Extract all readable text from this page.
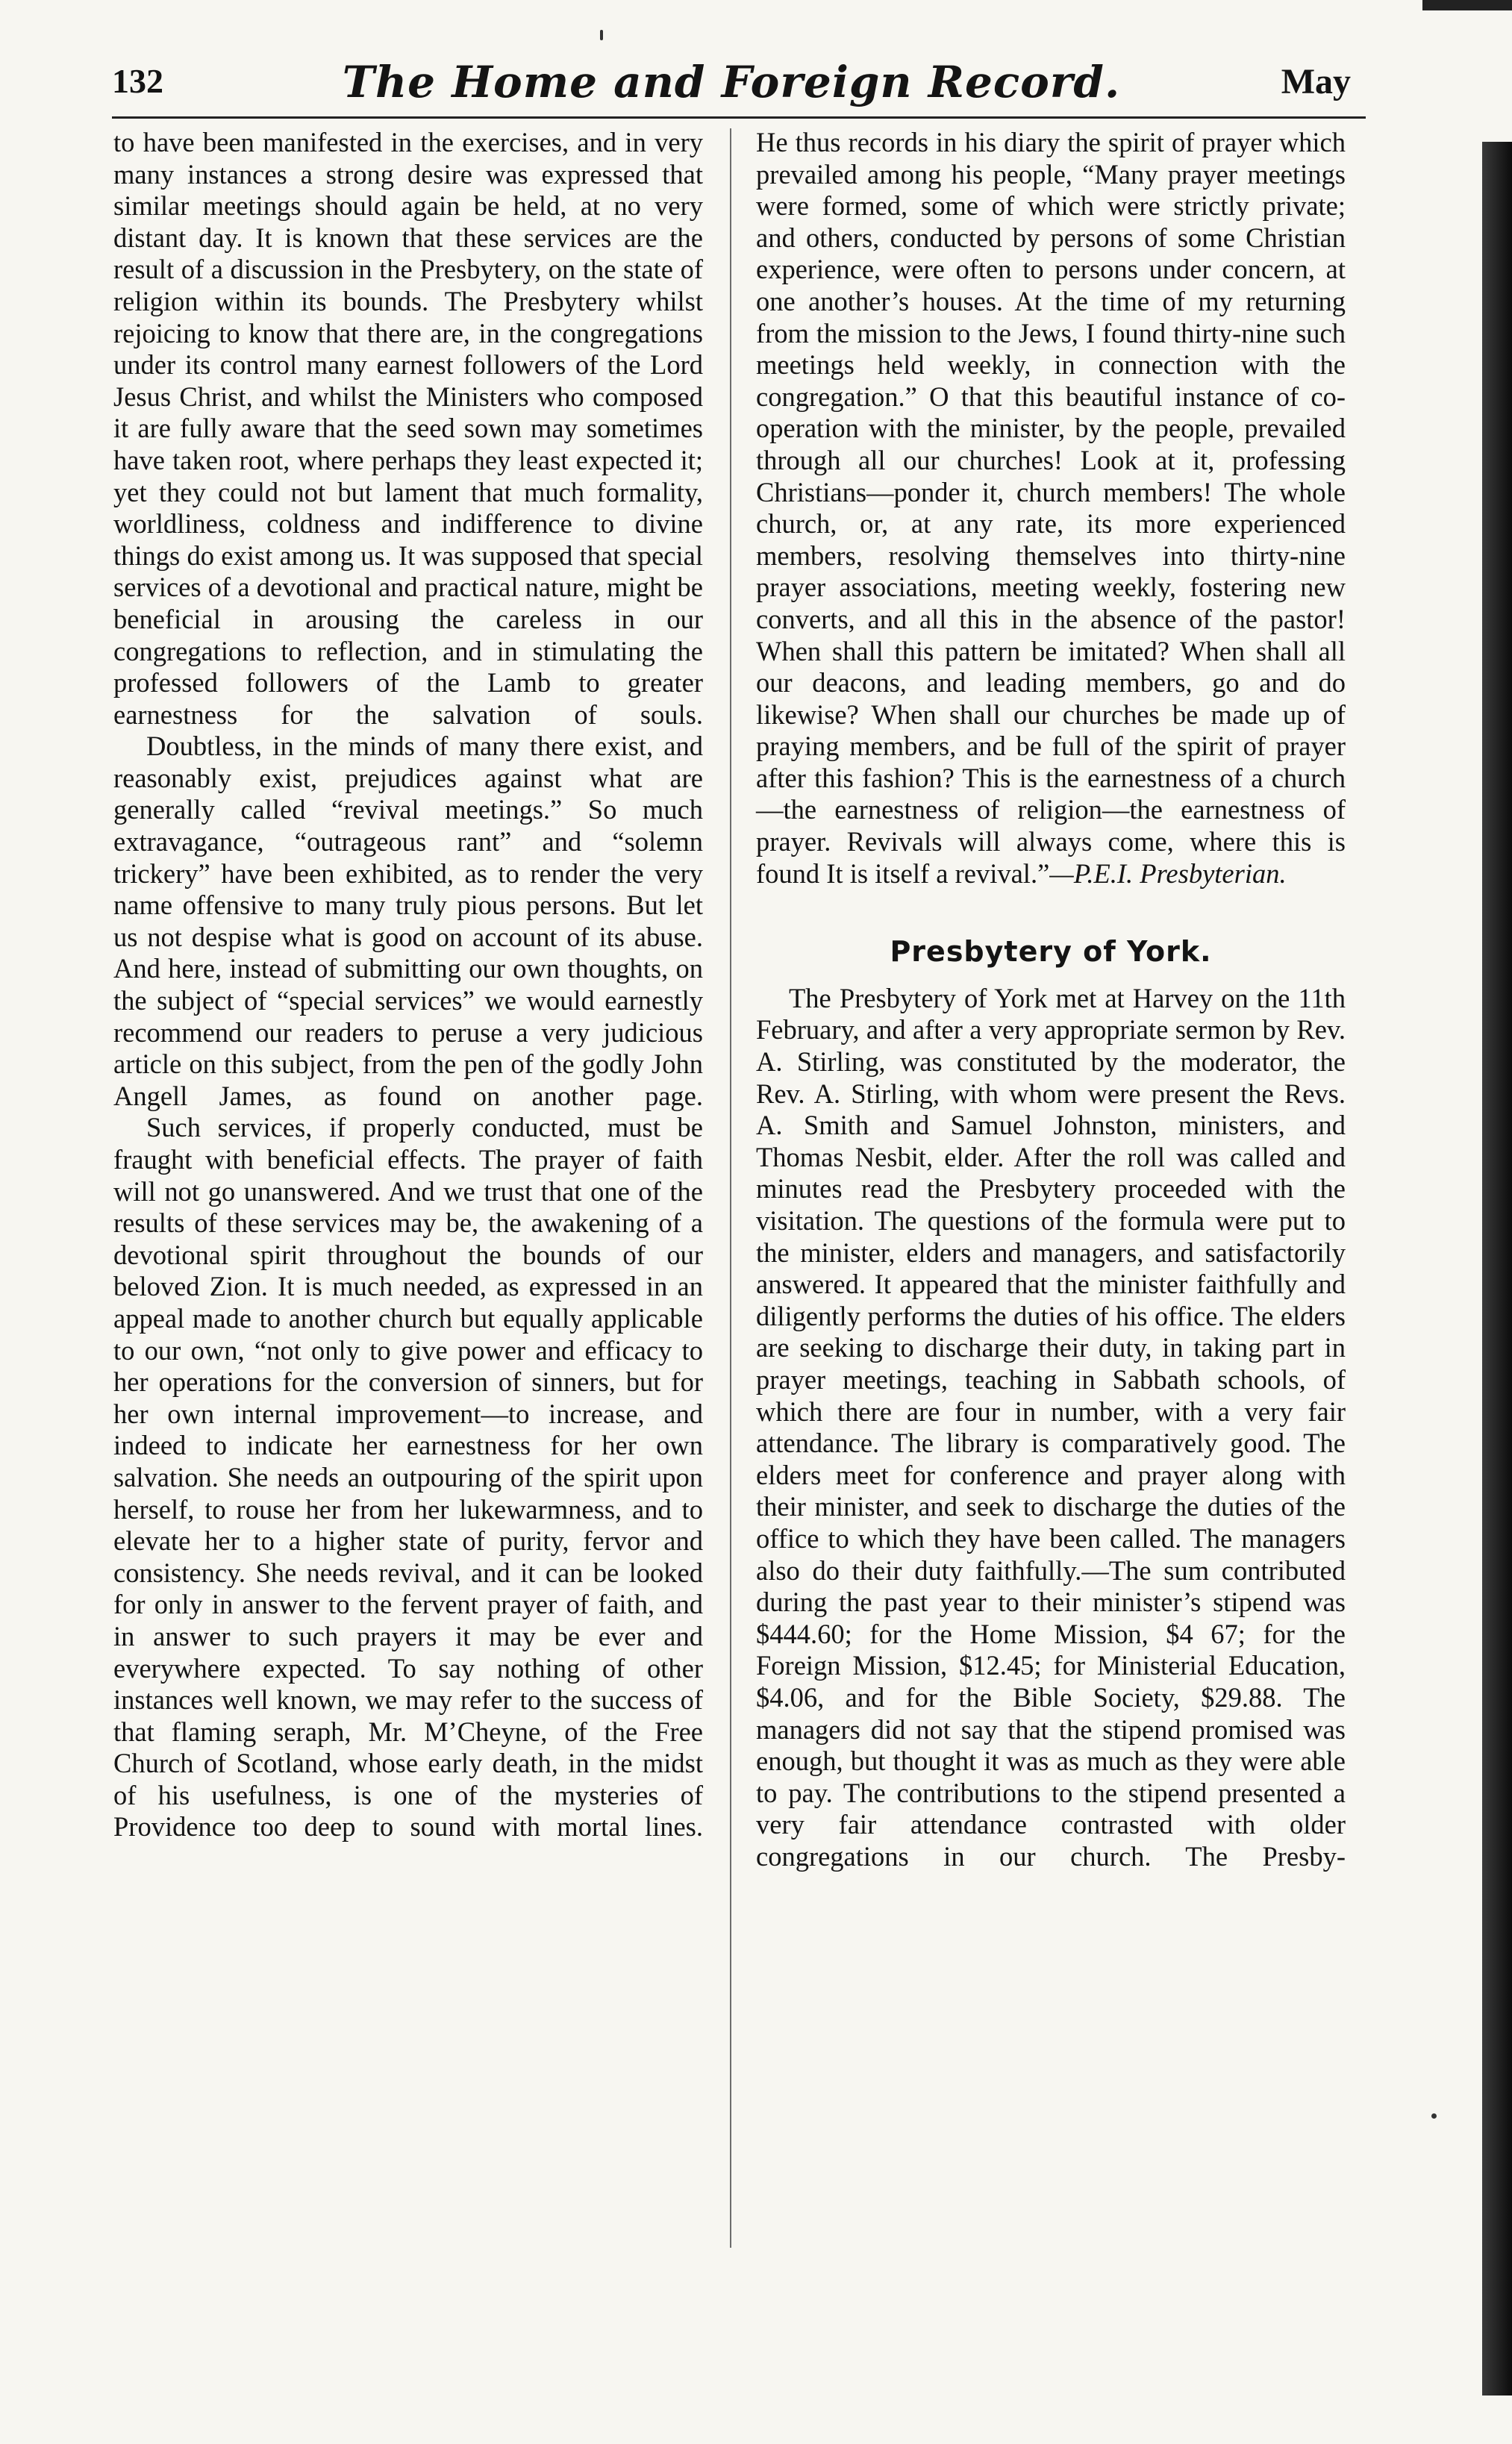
132	The Home and Foreign Record.	May

to have been manifested in the exercises, and in very many instances a strong desire was expressed that similar meetings should again be held, at no very distant day. It is known that these services are the result of a discussion in the Presbytery, on the state of religion within its bounds. The Presbytery whilst rejoicing to know that there are, in the congregations under its control many earnest followers of the Lord Jesus Christ, and whilst the Ministers who composed it are fully aware that the seed sown may sometimes have taken root, where perhaps they least expected it; yet they could not but lament that much formality, worldliness, coldness and indifference to divine things do exist among us. It was supposed that special services of a devotional and practical nature, might be beneficial in arousing the careless in our congregations to reflection, and in stimulating the professed followers of the Lamb to greater earnestness for the salvation of souls.

Doubtless, in the minds of many there exist, and reasonably exist, prejudices against what are generally called “revival meetings.” So much extravagance, “outrageous rant” and “solemn trickery” have been exhibited, as to render the very name offensive to many truly pious persons. But let us not despise what is good on account of its abuse. And here, instead of submitting our own thoughts, on the subject of “special services” we would earnestly recommend our readers to peruse a very judicious article on this subject, from the pen of the godly John Angell James, as found on another page.

Such services, if properly conducted, must be fraught with beneficial effects. The prayer of faith will not go unanswered. And we trust that one of the results of these services may be, the awakening of a devotional spirit throughout the bounds of our beloved Zion. It is much needed, as expressed in an appeal made to another church but equally applicable to our own, “not only to give power and efficacy to her operations for the conversion of sinners, but for her own internal improvement—to increase, and indeed to indicate her earnestness for her own salvation. She needs an outpouring of the spirit upon herself, to rouse her from her lukewarmness, and to elevate her to a higher state of purity, fervor and consistency. She needs revival, and it can be looked for only in answer to the fervent prayer of faith, and in answer to such prayers it may be ever and everywhere expected. To say nothing of other instances well known, we may refer to the success of that flaming seraph, Mr. M’Cheyne, of the Free Church of Scotland, whose early death, in the midst of his usefulness, is one of the mysteries of Providence too deep to sound with mortal lines.

He thus records in his diary the spirit of prayer which prevailed among his people, “Many prayer meetings were formed, some of which were strictly private; and others, conducted by persons of some Christian experience, were often to persons under concern, at one another’s houses. At the time of my returning from the mission to the Jews, I found thirty-nine such meetings held weekly, in connection with the congregation.” O that this beautiful instance of co-operation with the minister, by the people, prevailed through all our churches! Look at it, professing Christians—ponder it, church members! The whole church, or, at any rate, its more experienced members, resolving themselves into thirty-nine prayer associations, meeting weekly, fostering new converts, and all this in the absence of the pastor! When shall this pattern be imitated? When shall all our deacons, and leading members, go and do likewise? When shall our churches be made up of praying members, and be full of the spirit of prayer after this fashion? This is the earnestness of a church—the earnestness of religion—the earnestness of prayer. Revivals will always come, where this is found It is itself a revival.”—P.E.I. Presbyterian.

Presbytery of York.

The Presbytery of York met at Harvey on the 11th February, and after a very appropriate sermon by Rev. A. Stirling, was constituted by the moderator, the Rev. A. Stirling, with whom were present the Revs. A. Smith and Samuel Johnston, ministers, and Thomas Nesbit, elder. After the roll was called and minutes read the Presbytery proceeded with the visitation. The questions of the formula were put to the minister, elders and managers, and satisfactorily answered. It appeared that the minister faithfully and diligently performs the duties of his office. The elders are seeking to discharge their duty, in taking part in prayer meetings, teaching in Sabbath schools, of which there are four in number, with a very fair attendance. The library is comparatively good. The elders meet for conference and prayer along with their minister, and seek to discharge the duties of the office to which they have been called. The managers also do their duty faithfully.—The sum contributed during the past year to their minister’s stipend was $444.60; for the Home Mission, $4 67; for the Foreign Mission, $12.45; for Ministerial Education, $4.06, and for the Bible Society, $29.88. The managers did not say that the stipend promised was enough, but thought it was as much as they were able to pay. The contributions to the stipend presented a very fair attendance contrasted with older congregations in our church. The Presby-
